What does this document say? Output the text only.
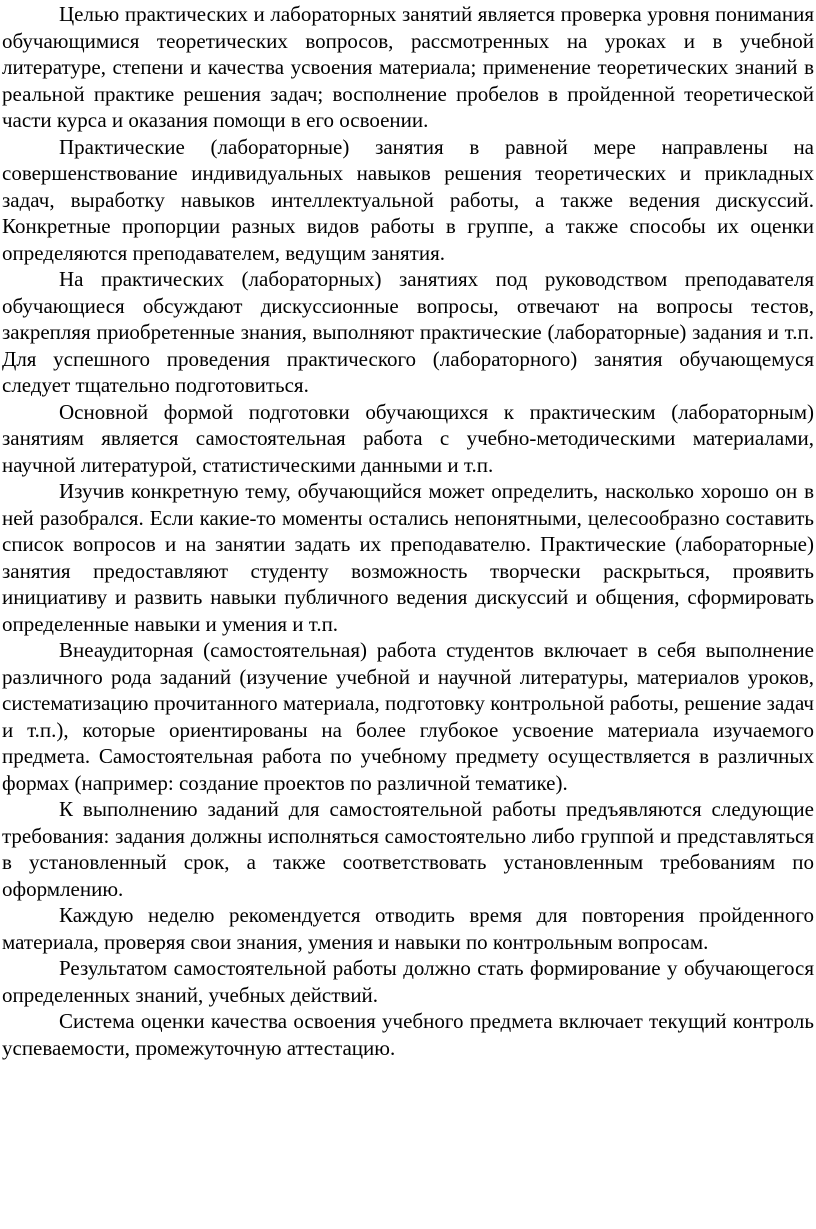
Целью практических и лабораторных занятий является проверка уровня понимания обучающимися теоретических вопросов, рассмотренных на уроках и в учебной литературе, степени и качества усвоения материала; применение теоретических знаний в реальной практике решения задач; восполнение пробелов в пройденной теоретической части курса и оказания помощи в его освоении.

Практические (лабораторные) занятия в равной мере направлены на совершенствование индивидуальных навыков решения теоретических и прикладных задач, выработку навыков интеллектуальной работы, а также ведения дискуссий. Конкретные пропорции разных видов работы в группе, а также способы их оценки определяются преподавателем, ведущим занятия.

На практических (лабораторных) занятиях под руководством преподавателя обучающиеся обсуждают дискуссионные вопросы, отвечают на вопросы тестов, закрепляя приобретенные знания, выполняют практические (лабораторные) задания и т.п. Для успешного проведения практического (лабораторного) занятия обучающемуся следует тщательно подготовиться.

Основной формой подготовки обучающихся к практическим (лабораторным) занятиям является самостоятельная работа с учебно-методическими материалами, научной литературой, статистическими данными и т.п.

Изучив конкретную тему, обучающийся может определить, насколько хорошо он в ней разобрался. Если какие-то моменты остались непонятными, целесообразно составить список вопросов и на занятии задать их преподавателю. Практические (лабораторные) занятия предоставляют студенту возможность творчески раскрыться, проявить инициативу и развить навыки публичного ведения дискуссий и общения, сформировать определенные навыки и умения и т.п.

Внеаудиторная (самостоятельная) работа студентов включает в себя выполнение различного рода заданий (изучение учебной и научной литературы, материалов уроков, систематизацию прочитанного материала, подготовку контрольной работы, решение задач и т.п.), которые ориентированы на более глубокое усвоение материала изучаемого предмета. Самостоятельная работа по учебному предмету осуществляется в различных формах (например: создание проектов по различной тематике).

К выполнению заданий для самостоятельной работы предъявляются следующие требования: задания должны исполняться самостоятельно либо группой и представляться в установленный срок, а также соответствовать установленным требованиям по оформлению.

Каждую неделю рекомендуется отводить время для повторения пройденного материала, проверяя свои знания, умения и навыки по контрольным вопросам.

Результатом самостоятельной работы должно стать формирование у обучающегося определенных знаний, учебных действий.

Система оценки качества освоения учебного предмета включает текущий контроль успеваемости, промежуточную аттестацию.
